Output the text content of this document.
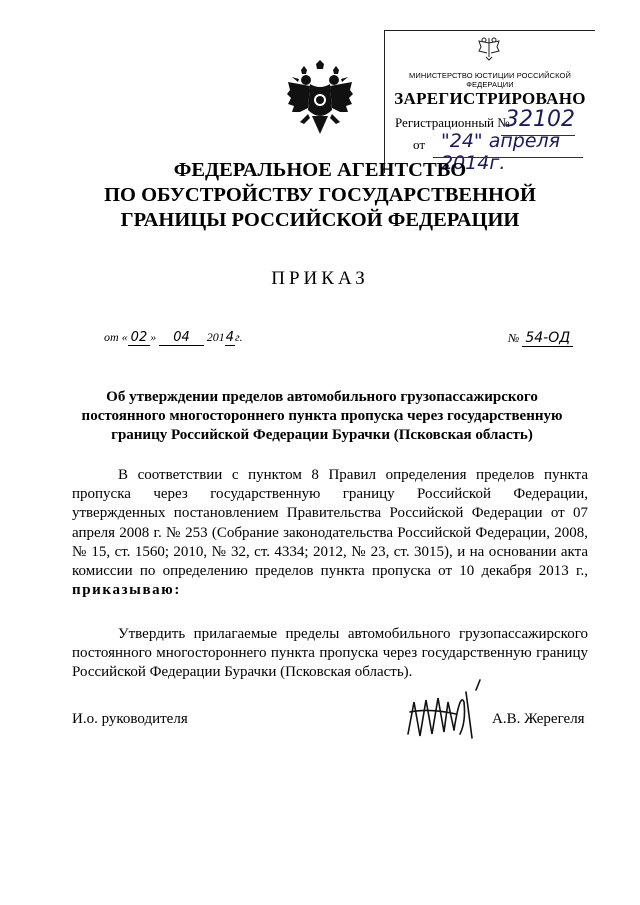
МИНИСТЕРСТВО ЮСТИЦИИ РОССИЙСКОЙ ФЕДЕРАЦИИ
ЗАРЕГИСТРИРОВАНО
Регистрационный №
32102
от "24" апреля 2014г.
ФЕДЕРАЛЬНОЕ АГЕНТСТВО
ПО ОБУСТРОЙСТВУ ГОСУДАРСТВЕННОЙ
ГРАНИЦЫ РОССИЙСКОЙ ФЕДЕРАЦИИ
ПРИКАЗ
от « 02 » 04 2014г.	№ 54-ОД
Об утверждении пределов автомобильного грузопассажирского
постоянного многостороннего пункта пропуска через государственную
границу Российской Федерации Бурачки (Псковская область)
В соответствии с пунктом 8 Правил определения пределов пункта пропуска через государственную границу Российской Федерации, утвержденных постановлением Правительства Российской Федерации от 07 апреля 2008 г. № 253 (Собрание законодательства Российской Федерации, 2008, № 15, ст. 1560; 2010, № 32, ст. 4334; 2012, № 23, ст. 3015), и на основании акта комиссии по определению пределов пункта пропуска от 10 декабря 2013 г., приказываю:
Утвердить прилагаемые пределы автомобильного грузопассажирского постоянного многостороннего пункта пропуска через государственную границу Российской Федерации Бурачки (Псковская область).
И.о. руководителя	А.В. Жерегеля
